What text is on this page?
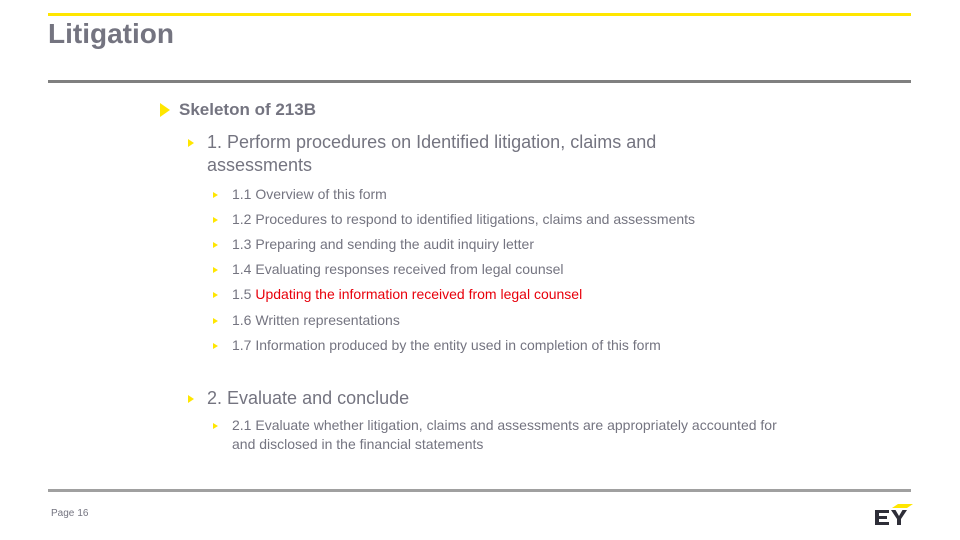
Litigation
Skeleton of 213B
1. Perform procedures on Identified litigation, claims and assessments
1.1 Overview of this form
1.2 Procedures to respond to identified litigations, claims and assessments
1.3 Preparing and sending the audit inquiry letter
1.4 Evaluating responses received from legal counsel
1.5 Updating the information received from legal counsel
1.6 Written representations
1.7 Information produced by the entity used in completion of this form
2. Evaluate and conclude
2.1 Evaluate whether litigation, claims and assessments are appropriately accounted for and disclosed in the financial statements
Page 16
